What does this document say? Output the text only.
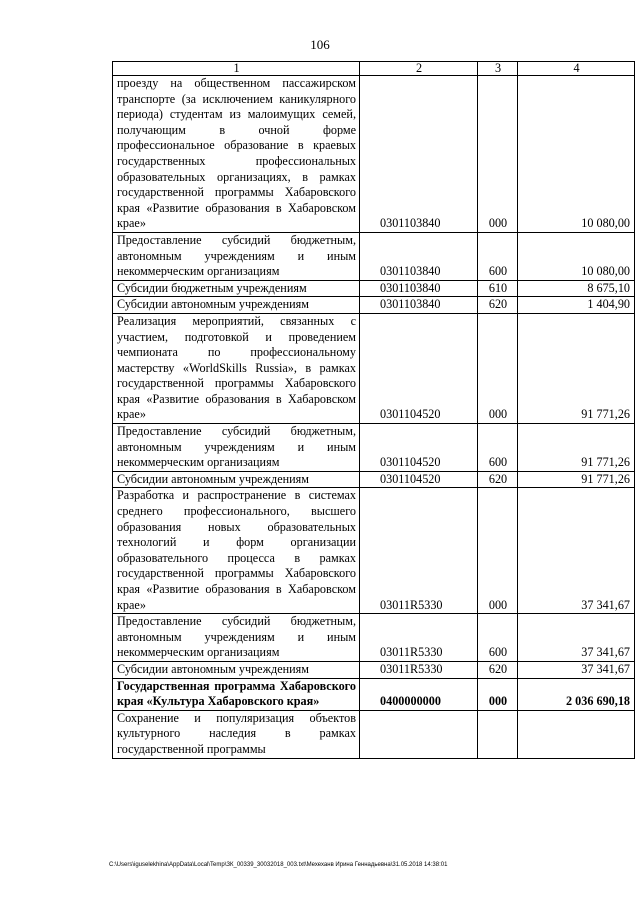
106
1	2	3	4
проезду на общественном пассажирском транспорте (за исключением каникулярного периода) студентам из малоимущих семей, получающим в очной форме профессиональное образование в краевых государственных профессиональных образовательных организациях, в рамках государственной программы Хабаровского края «Развитие образования в Хабаровском крае»	0301103840	000	10 080,00
Предоставление субсидий бюджетным, автономным учреждениям и иным некоммерческим организациям	0301103840	600	10 080,00
Субсидии бюджетным учреждениям	0301103840	610	8 675,10
Субсидии автономным учреждениям	0301103840	620	1 404,90
Реализация мероприятий, связанных с участием, подготовкой и проведением чемпионата по профессиональному мастерству «WorldSkills Russia», в рамках государственной программы Хабаровского края «Развитие образования в Хабаровском крае»	0301104520	000	91 771,26
Предоставление субсидий бюджетным, автономным учреждениям и иным некоммерческим организациям	0301104520	600	91 771,26
Субсидии автономным учреждениям	0301104520	620	91 771,26
Разработка и распространение в системах среднего профессионального, высшего образования новых образовательных технологий и форм организации образовательного процесса в рамках государственной программы Хабаровского края «Развитие образования в Хабаровском крае»	03011R5330	000	37 341,67
Предоставление субсидий бюджетным, автономным учреждениям и иным некоммерческим организациям	03011R5330	600	37 341,67
Субсидии автономным учреждениям	03011R5330	620	37 341,67
Государственная программа Хабаровского края «Культура Хабаровского края»	0400000000	000	2 036 690,18
Сохранение и популяризация объектов культурного наследия в рамках государственной программы			
C:\Users\iguselekhina\AppData\Local\Temp\ЗК_00339_30032018_003.txt\Мехеханв Ирина Геннадьевна\31.05.2018 14:38:01
